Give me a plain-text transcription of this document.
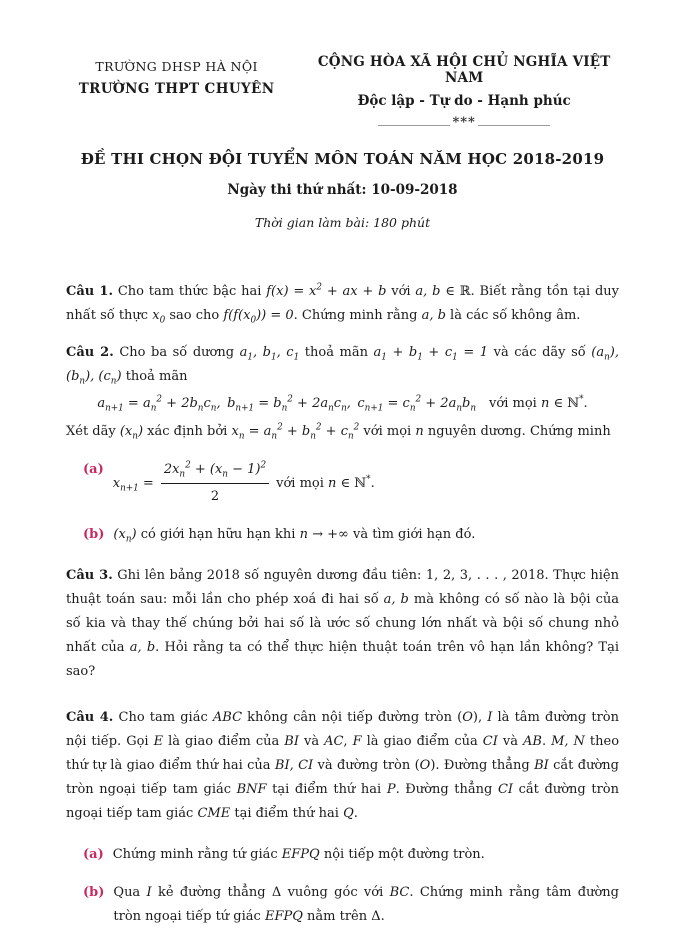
TRƯỜNG DHSP HÀ NỘI
TRƯỜNG THPT CHUYÊN
CỘNG HÒA XÃ HỘI CHỦ NGHĨA VIỆT NAM
Độc lập - Tự do - Hạnh phúc
***
ĐỀ THI CHỌN ĐỘI TUYỂN MÔN TOÁN NĂM HỌC 2018-2019
Ngày thi thứ nhất: 10-09-2018
Thời gian làm bài: 180 phút

Câu 1. Cho tam thức bậc hai $f(x) = x^2$ + ax + b với a, b ∈ ℝ. Biết rằng tồn tại duy nhất số thực $x_0$ sao cho $f(f(x_0)) = 0$. Chứng minh rằng a, b là các số không âm.

Câu 2. Cho ba số dương $a_1$, $b_1$, $c_1$ thoả mãn $a_1 + b_1 + c_1 = 1$ và các dãy số $(a_n)$, $(b_n)$, $(c_n)$ thoả mãn

$a_{n+1} = a_n^2 + 2b_nc_n$,  $b_{n+1} = b_n^2 + 2a_nc_n$,  $c_{n+1} = c_n^2 + 2a_nb_n$ với mọi n ∈ ℕ*.

Xét dãy $(x_n)$ xác định bởi $x_n = a_n^2 + b_n^2 + c_n^2$ với mọi n nguyên dương. Chứng minh

(a)
$x_{n+1} = \frac{2x_n^2 + (x_n - 1)^2}{2}$ với mọi n ∈ ℕ*.
(b) $(x_n)$ có giới hạn hữu hạn khi n → +∞ và tìm giới hạn đó.

Câu 3. Ghi lên bảng 2018 số nguyên dương đầu tiên: 1, 2, 3, . . . , 2018. Thực hiện thuật toán sau: mỗi lần cho phép xoá đi hai số a, b mà không có số nào là bội của số kia và thay thế chúng bởi hai số là ước số chung lớn nhất và bội số chung nhỏ nhất của a, b. Hỏi rằng ta có thể thực hiện thuật toán trên vô hạn lần không? Tại sao?

Câu 4. Cho tam giác ABC không cân nội tiếp đường tròn (O), I là tâm đường tròn nội tiếp. Gọi E là giao điểm của BI và AC, F là giao điểm của CI và AB. M, N theo thứ tự là giao điểm thứ hai của BI, CI và đường tròn (O). Đường thẳng BI cắt đường tròn ngoại tiếp tam giác BNF tại điểm thứ hai P. Đường thẳng CI cắt đường tròn ngoại tiếp tam giác CME tại điểm thứ hai Q.

(a) Chứng minh rằng tứ giác EFPQ nội tiếp một đường tròn.
(b) Qua I kẻ đường thẳng Δ vuông góc với BC. Chứng minh rằng tâm đường tròn ngoại tiếp tứ giác EFPQ nằm trên Δ.
